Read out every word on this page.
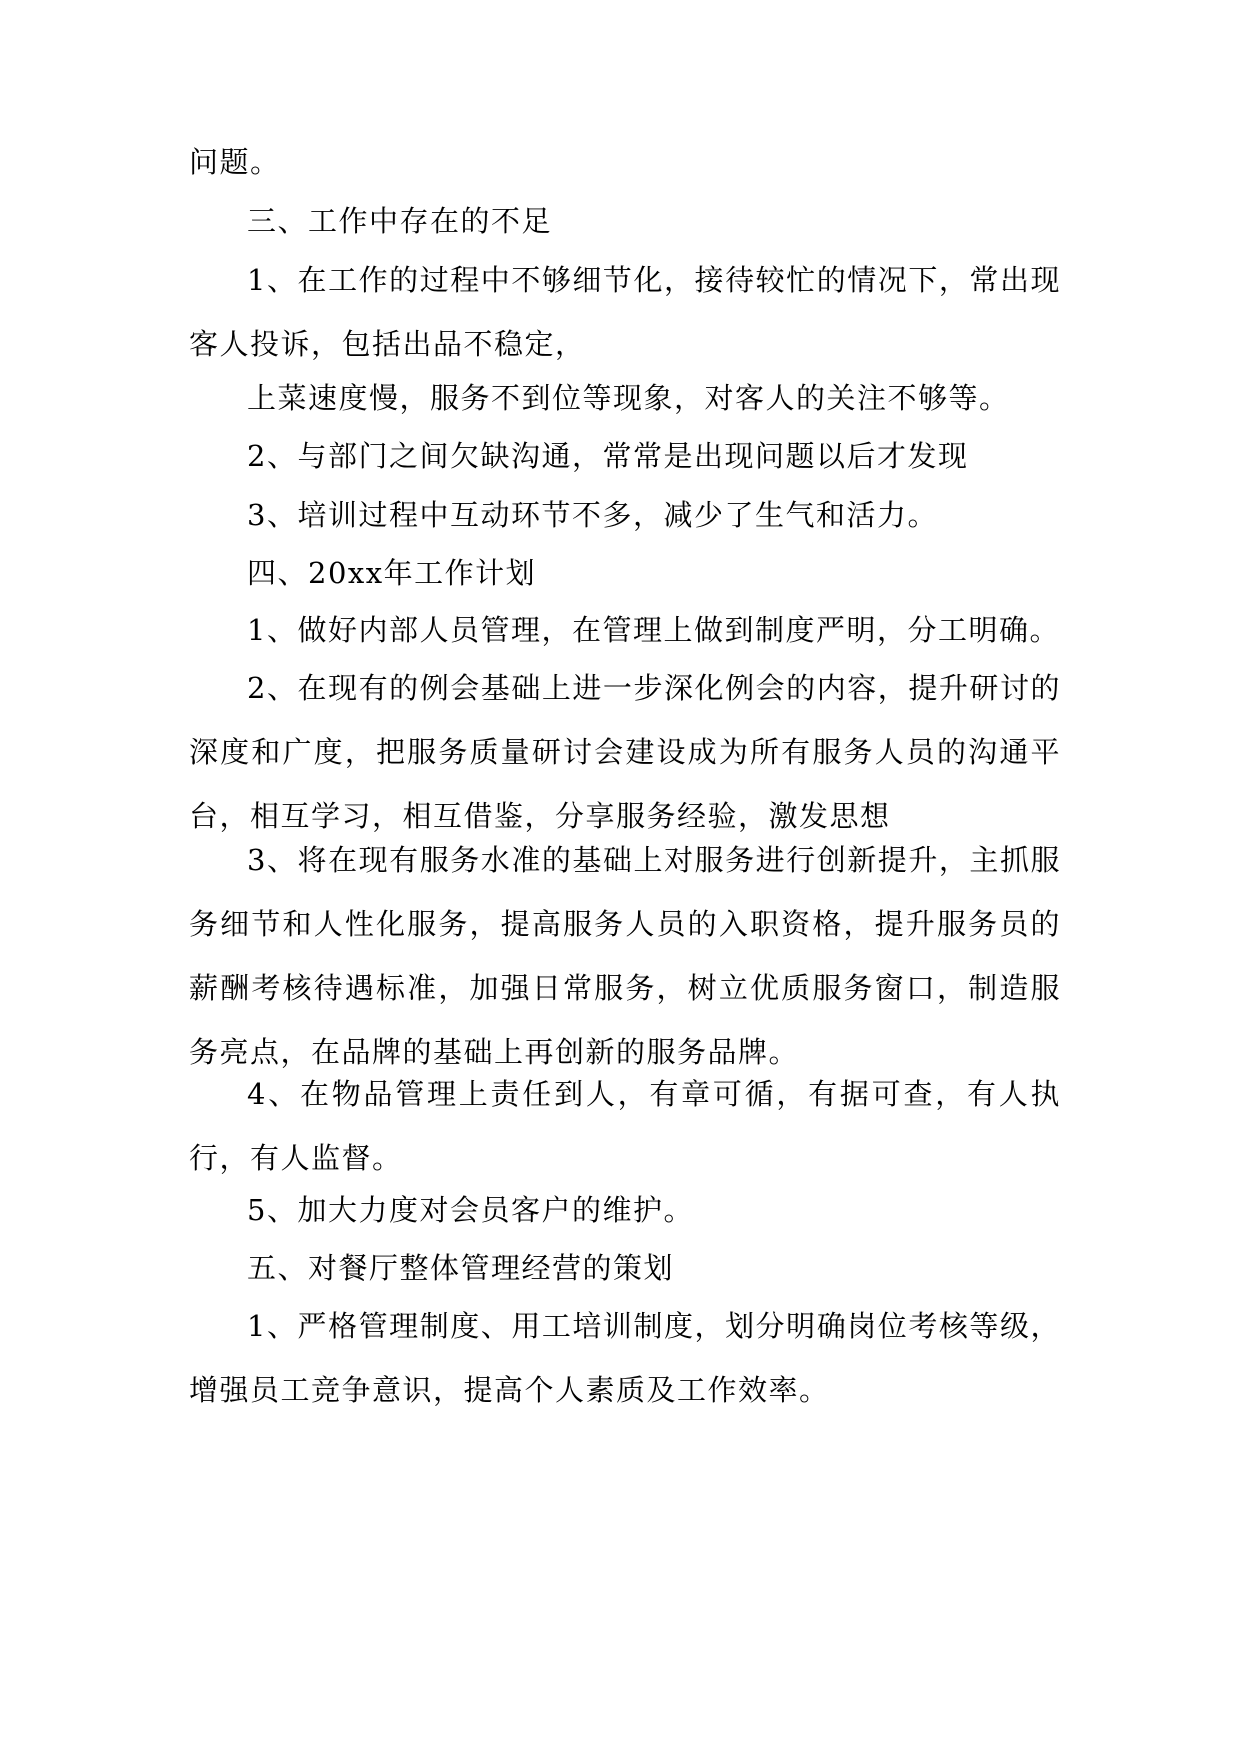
问题。

三、工作中存在的不足

1、在工作的过程中不够细节化，接待较忙的情况下，常出现客人投诉，包括出品不稳定，

上菜速度慢，服务不到位等现象，对客人的关注不够等。

2、与部门之间欠缺沟通，常常是出现问题以后才发现

3、培训过程中互动环节不多，减少了生气和活力。

四、20xx年工作计划

1、做好内部人员管理，在管理上做到制度严明，分工明确。

2、在现有的例会基础上进一步深化例会的内容，提升研讨的深度和广度，把服务质量研讨会建设成为所有服务人员的沟通平台，相互学习，相互借鉴，分享服务经验，激发思想

3、将在现有服务水准的基础上对服务进行创新提升，主抓服务细节和人性化服务，提高服务人员的入职资格，提升服务员的薪酬考核待遇标准，加强日常服务，树立优质服务窗口，制造服务亮点，在品牌的基础上再创新的服务品牌。

4、在物品管理上责任到人，有章可循，有据可查，有人执行，有人监督。

5、加大力度对会员客户的维护。

五、对餐厅整体管理经营的策划

1、严格管理制度、用工培训制度，划分明确岗位考核等级，增强员工竞争意识，提高个人素质及工作效率。
